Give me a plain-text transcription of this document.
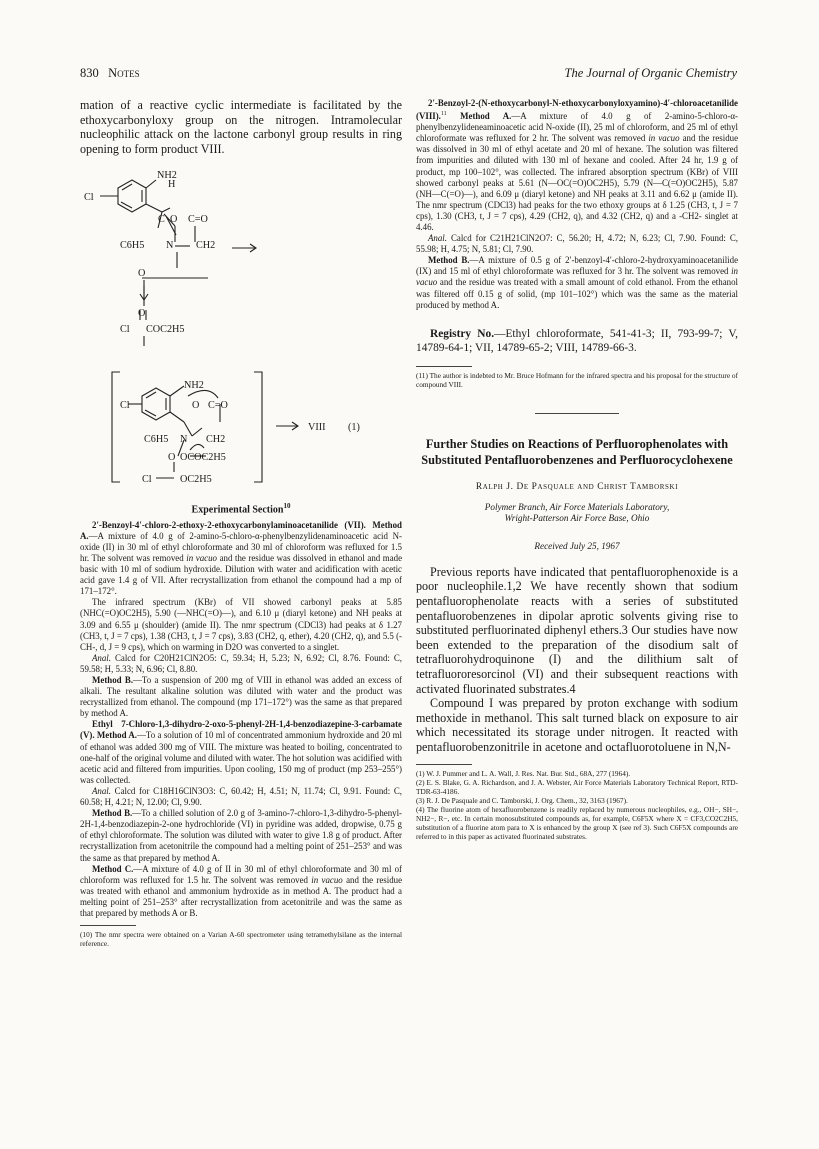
830 Notes	The Journal of Organic Chemistry

mation of a reactive cyclic intermediate is facilitated by the ethoxycarbonyloxy group on the nitrogen. Intramolecular nucleophilic attack on the lactone carbonyl group results in ring opening to form product VIII.

NH2
H
Cl
C O C=O
C6H5 N CH2
O
O
Cl COC2H5
NH2
Cl	O C=O
C6H5 N CH2
O OCOC2H5
Cl	OC2H5
VIII (1)
Experimental Section$^{10}$

2′-Benzoyl-4′-chloro-2-ethoxy-2-ethoxycarbonylaminoacetanilide (VII). Method A.—A mixture of 4.0 g of 2-amino-5-chloro-α-phenylbenzylidenaminoacetic acid N-oxide (II) in 30 ml of ethyl chloroformate and 30 ml of chloroform was refluxed for 1.5 hr. The solvent was removed in vacuo and the residue was dissolved in ethanol and made basic with 10 ml of sodium hydroxide. Dilution with water and acidification with acetic acid gave 1.4 g of VII. After recrystallization from ethanol the compound had a mp of 171–172°.

The infrared spectrum (KBr) of VII showed carbonyl peaks at 5.85 (NHC(=O)OC2H5), 5.90 (—NHC(=O)—), and 6.10 μ (diaryl ketone) and NH peaks at 3.09 and 6.55 μ (shoulder) (amide II). The nmr spectrum (CDCl3) had peaks at δ 1.27 (CH3, t, J = 7 cps), 1.38 (CH3, t, J = 7 cps), 3.83 (CH2, q, ether), 4.20 (CH2, q), and 5.5 (-CH-, d, J = 9 cps), which on warming in D2O was converted to a singlet.

Anal. Calcd for C20H21ClN2O5: C, 59.34; H, 5.23; N, 6.92; Cl, 8.76. Found: C, 59.58; H, 5.33; N, 6.96; Cl, 8.80.

Method B.—To a suspension of 200 mg of VIII in ethanol was added an excess of alkali. The resultant alkaline solution was diluted with water and the product was recrystallized from ethanol. The compound (mp 171–172°) was the same as that prepared by method A.

Ethyl 7-Chloro-1,3-dihydro-2-oxo-5-phenyl-2H-1,4-benzodiazepine-3-carbamate (V). Method A.—To a solution of 10 ml of concentrated ammonium hydroxide and 20 ml of ethanol was added 300 mg of VIII. The mixture was heated to boiling, concentrated to one-half of the original volume and diluted with water. The hot solution was acidified with acetic acid and filtered from impurities. Upon cooling, 150 mg of product (mp 253–255°) was collected.

Anal. Calcd for C18H16ClN3O3: C, 60.42; H, 4.51; N, 11.74; Cl, 9.91. Found: C, 60.58; H, 4.21; N, 12.00; Cl, 9.90.

Method B.—To a chilled solution of 2.0 g of 3-amino-7-chloro-1,3-dihydro-5-phenyl-2H-1,4-benzodiazepin-2-one hydrochloride (VI) in pyridine was added, dropwise, 0.75 g of ethyl chloroformate. The solution was diluted with water to give 1.8 g of product. After recrystallization from acetonitrile the compound had a melting point of 251–253° and was the same as that prepared by method A.

Method C.—A mixture of 4.0 g of II in 30 ml of ethyl chloroformate and 30 ml of chloroform was refluxed for 1.5 hr. The solvent was removed in vacuo and the residue was treated with ethanol and ammonium hydroxide as in method A. The product had a melting point of 251–253° after recrystallization from acetonitrile and was the same as that prepared by methods A or B.

(10) The nmr spectra were obtained on a Varian A-60 spectrometer using tetramethylsilane as the internal reference.

2′-Benzoyl-2-(N-ethoxycarbonyl-N-ethoxycarbonyloxyamino)-4′-chloroacetanilide (VIII).$^{11}$ Method A.—A mixture of 4.0 g of 2-amino-5-chloro-α-phenylbenzylideneaminoacetic acid N-oxide (II), 25 ml of chloroform, and 25 ml of ethyl chloroformate was refluxed for 2 hr. The solvent was removed in vacuo and the residue was dissolved in 30 ml of ethyl acetate and 20 ml of hexane. The solution was filtered from impurities and diluted with 130 ml of hexane and cooled. After 24 hr, 1.9 g of product, mp 100–102°, was collected. The infrared absorption spectrum (KBr) of VIII showed carbonyl peaks at 5.61 (N—OC(=O)OC2H5), 5.79 (N—C(=O)OC2H5), 5.87 (NH—C(=O)—), and 6.09 μ (diaryl ketone) and NH peaks at 3.11 and 6.62 μ (amide II). The nmr spectrum (CDCl3) had peaks for the two ethoxy groups at δ 1.25 (CH3, t, J = 7 cps), 1.30 (CH3, t, J = 7 cps), 4.29 (CH2, q), and 4.32 (CH2, q) and a -CH2- singlet at 4.46.

Anal. Calcd for C21H21ClN2O7: C, 56.20; H, 4.72; N, 6.23; Cl, 7.90. Found: C, 55.98; H, 4.75; N, 5.81; Cl, 7.90.

Method B.—A mixture of 0.5 g of 2′-benzoyl-4′-chloro-2-hydroxyaminoacetanilide (IX) and 15 ml of ethyl chloroformate was refluxed for 3 hr. The solvent was removed in vacuo and the residue was treated with a small amount of cold ethanol. From the ethanol was filtered off 0.15 g of solid, (mp 101–102°) which was the same as the material produced by method A.

Registry No.—Ethyl chloroformate, 541-41-3; II, 793-99-7; V, 14789-64-1; VII, 14789-65-2; VIII, 14789-66-3.

(11) The author is indebted to Mr. Bruce Hofmann for the infrared spectra and his proposal for the structure of compound VIII.

Further Studies on Reactions of Perfluorophenolates with Substituted Pentafluorobenzenes and Perfluorocyclohexene

Ralph J. De Pasquale and Christ Tamborski

Polymer Branch, Air Force Materials Laboratory,

Wright-Patterson Air Force Base, Ohio

Received July 25, 1967

Previous reports have indicated that pentafluorophenoxide is a poor nucleophile.1,2 We have recently shown that sodium pentafluorophenolate reacts with a series of substituted pentafluorobenzenes in dipolar aprotic solvents giving rise to substituted perfluorinated diphenyl ethers.3 Our studies have now been extended to the preparation of the disodium salt of tetrafluorohydroquinone (I) and the dilithium salt of tetrafluororesorcinol (VI) and their subsequent reactions with activated fluorinated substrates.4

Compound I was prepared by proton exchange with sodium methoxide in methanol. This salt turned black on exposure to air which necessitated its storage under nitrogen. It reacted with pentafluorobenzonitrile in acetone and octafluorotoluene in N,N-

(1) W. J. Pummer and L. A. Wall, J. Res. Nat. Bur. Std., 68A, 277 (1964).

(2) E. S. Blake, G. A. Richardson, and J. A. Webster, Air Force Materials Laboratory Technical Report, RTD-TDR-63-4186.

(3) R. J. De Pasquale and C. Tamborski, J. Org. Chem., 32, 3163 (1967).

(4) The fluorine atom of hexafluorobenzene is readily replaced by numerous nucleophiles, e.g., OH−, SH−, NH2−, R−, etc. In certain monosubstituted compounds as, for example, C6F5X where X = CF3,CO2C2H5, substitution of a fluorine atom para to X is enhanced by the group X (see ref 3). Such C6F5X compounds are referred to in this paper as activated fluorinated substrates.
